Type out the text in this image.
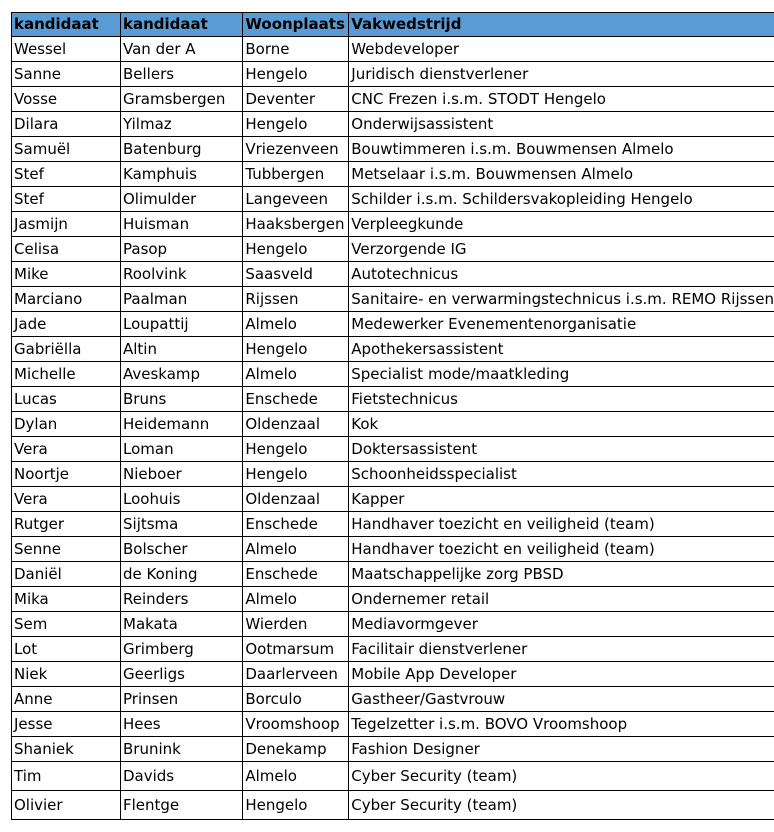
kandidaat	kandidaat	Woonplaats	Vakwedstrijd
Wessel	Van der A	Borne	Webdeveloper
Sanne	Bellers	Hengelo	Juridisch dienstverlener
Vosse	Gramsbergen	Deventer	CNC Frezen i.s.m. STODT Hengelo
Dilara	Yilmaz	Hengelo	Onderwijsassistent
Samuël	Batenburg	Vriezenveen	Bouwtimmeren i.s.m. Bouwmensen Almelo
Stef	Kamphuis	Tubbergen	Metselaar i.s.m. Bouwmensen Almelo
Stef	Olimulder	Langeveen	Schilder i.s.m. Schildersvakopleiding Hengelo
Jasmijn	Huisman	Haaksbergen	Verpleegkunde
Celisa	Pasop	Hengelo	Verzorgende IG
Mike	Roolvink	Saasveld	Autotechnicus
Marciano	Paalman	Rijssen	Sanitaire- en verwarmingstechnicus i.s.m. REMO Rijssen
Jade	Loupattij	Almelo	Medewerker Evenementenorganisatie
Gabriëlla	Altin	Hengelo	Apothekersassistent
Michelle	Aveskamp	Almelo	Specialist mode/maatkleding
Lucas	Bruns	Enschede	Fietstechnicus
Dylan	Heidemann	Oldenzaal	Kok
Vera	Loman	Hengelo	Doktersassistent
Noortje	Nieboer	Hengelo	Schoonheidsspecialist
Vera	Loohuis	Oldenzaal	Kapper
Rutger	Sijtsma	Enschede	Handhaver toezicht en veiligheid (team)
Senne	Bolscher	Almelo	Handhaver toezicht en veiligheid (team)
Daniël	de Koning	Enschede	Maatschappelijke zorg PBSD
Mika	Reinders	Almelo	Ondernemer retail
Sem	Makata	Wierden	Mediavormgever
Lot	Grimberg	Ootmarsum	Facilitair dienstverlener
Niek	Geerligs	Daarlerveen	Mobile App Developer
Anne	Prinsen	Borculo	Gastheer/Gastvrouw
Jesse	Hees	Vroomshoop	Tegelzetter i.s.m. BOVO Vroomshoop
Shaniek	Brunink	Denekamp	Fashion Designer
Tim	Davids	Almelo	Cyber Security (team)
Olivier	Flentge	Hengelo	Cyber Security (team)
